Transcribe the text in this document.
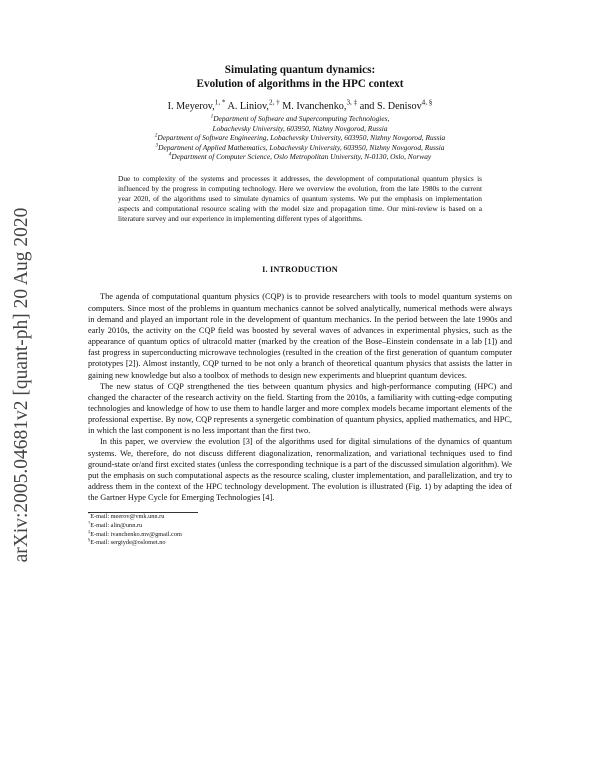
arXiv:2005.04681v2 [quant-ph] 20 Aug 2020
Simulating quantum dynamics:
Evolution of algorithms in the HPC context
I. Meyerov,$^{1, *}$ A. Liniov,$^{2, \dagger}$ M. Ivanchenko,$^{3, \ddagger}$ and S. Denisov$^{4, \S}$
$^1$Department of Software and Supercomputing Technologies,
Lobachevsky University, 603950, Nizhny Novgorod, Russia
$^2$Department of Software Engineering, Lobachevsky University, 603950, Nizhny Novgorod, Russia
$^3$Department of Applied Mathematics, Lobachevsky University, 603950, Nizhny Novgorod, Russia
$^4$Department of Computer Science, Oslo Metropolitan University, N-0130, Oslo, Norway
Due to complexity of the systems and processes it addresses, the development of computational quantum physics is influenced by the progress in computing technology. Here we overview the evolution, from the late 1980s to the current year 2020, of the algorithms used to simulate dynamics of quantum systems. We put the emphasis on implementation aspects and computational resource scaling with the model size and propagation time. Our mini-review is based on a literature survey and our experience in implementing different types of algorithms.
I. INTRODUCTION

The agenda of computational quantum physics (CQP) is to provide researchers with tools to model quantum systems on computers. Since most of the problems in quantum mechanics cannot be solved analytically, numerical methods were always in demand and played an important role in the development of quantum mechanics. In the period between the late 1990s and early 2010s, the activity on the CQP field was boosted by several waves of advances in experimental physics, such as the appearance of quantum optics of ultracold matter (marked by the creation of the Bose–Einstein condensate in a lab [1]) and fast progress in superconducting microwave technologies (resulted in the creation of the first generation of quantum computer prototypes [2]). Almost instantly, CQP turned to be not only a branch of theoretical quantum physics that assists the latter in gaining new knowledge but also a toolbox of methods to design new experiments and blueprint quantum devices.

The new status of CQP strengthened the ties between quantum physics and high-performance computing (HPC) and changed the character of the research activity on the field. Starting from the 2010s, a familiarity with cutting-edge computing technologies and knowledge of how to use them to handle larger and more complex models became important elements of the professional expertise. By now, CQP represents a synergetic combination of quantum physics, applied mathematics, and HPC, in which the last component is no less important than the first two.

In this paper, we overview the evolution [3] of the algorithms used for digital simulations of the dynamics of quantum systems. We, therefore, do not discuss different diagonalization, renormalization, and variational techniques used to find ground-state or/and first excited states (unless the corresponding technique is a part of the discussed simulation algorithm). We put the emphasis on such computational aspects as the resource scaling, cluster implementation, and parallelization, and try to address them in the context of the HPC technology development. The evolution is illustrated (Fig. 1) by adapting the idea of the Gartner Hype Cycle for Emerging Technologies [4].

*E-mail: meerov@vmk.unn.ru
†E-mail: alin@unn.ru
‡E-mail: ivanchenko.mv@gmail.com
§E-mail: sergiyde@oslomet.no
